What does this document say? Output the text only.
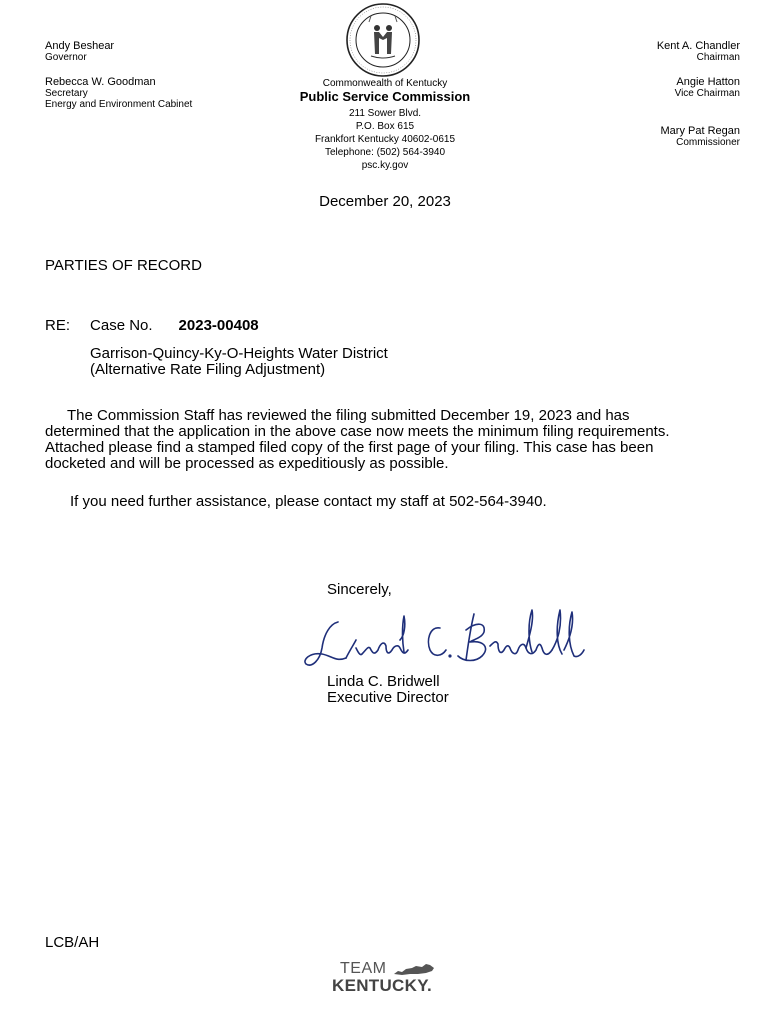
Andy Beshear
Governor
Rebecca W. Goodman
Secretary
Energy and Environment Cabinet
Commonwealth of Kentucky
Public Service Commission
211 Sower Blvd.
P.O. Box 615
Frankfort Kentucky 40602-0615
Telephone: (502) 564-3940
psc.ky.gov
Kent A. Chandler
Chairman
Angie Hatton
Vice Chairman
Mary Pat Regan
Commissioner
December 20, 2023
PARTIES OF RECORD
RE: Case No. 2023-00408
Garrison-Quincy-Ky-O-Heights Water District
(Alternative Rate Filing Adjustment)
The Commission Staff has reviewed the filing submitted December 19, 2023 and has
determined that the application in the above case now meets the minimum filing requirements.
Attached please find a stamped filed copy of the first page of your filing. This case has been
docketed and will be processed as expeditiously as possible.
If you need further assistance, please contact my staff at 502-564-3940.
Sincerely,
Linda C. Bridwell
Executive Director
LCB/AH
TEAM
KENTUCKY.
